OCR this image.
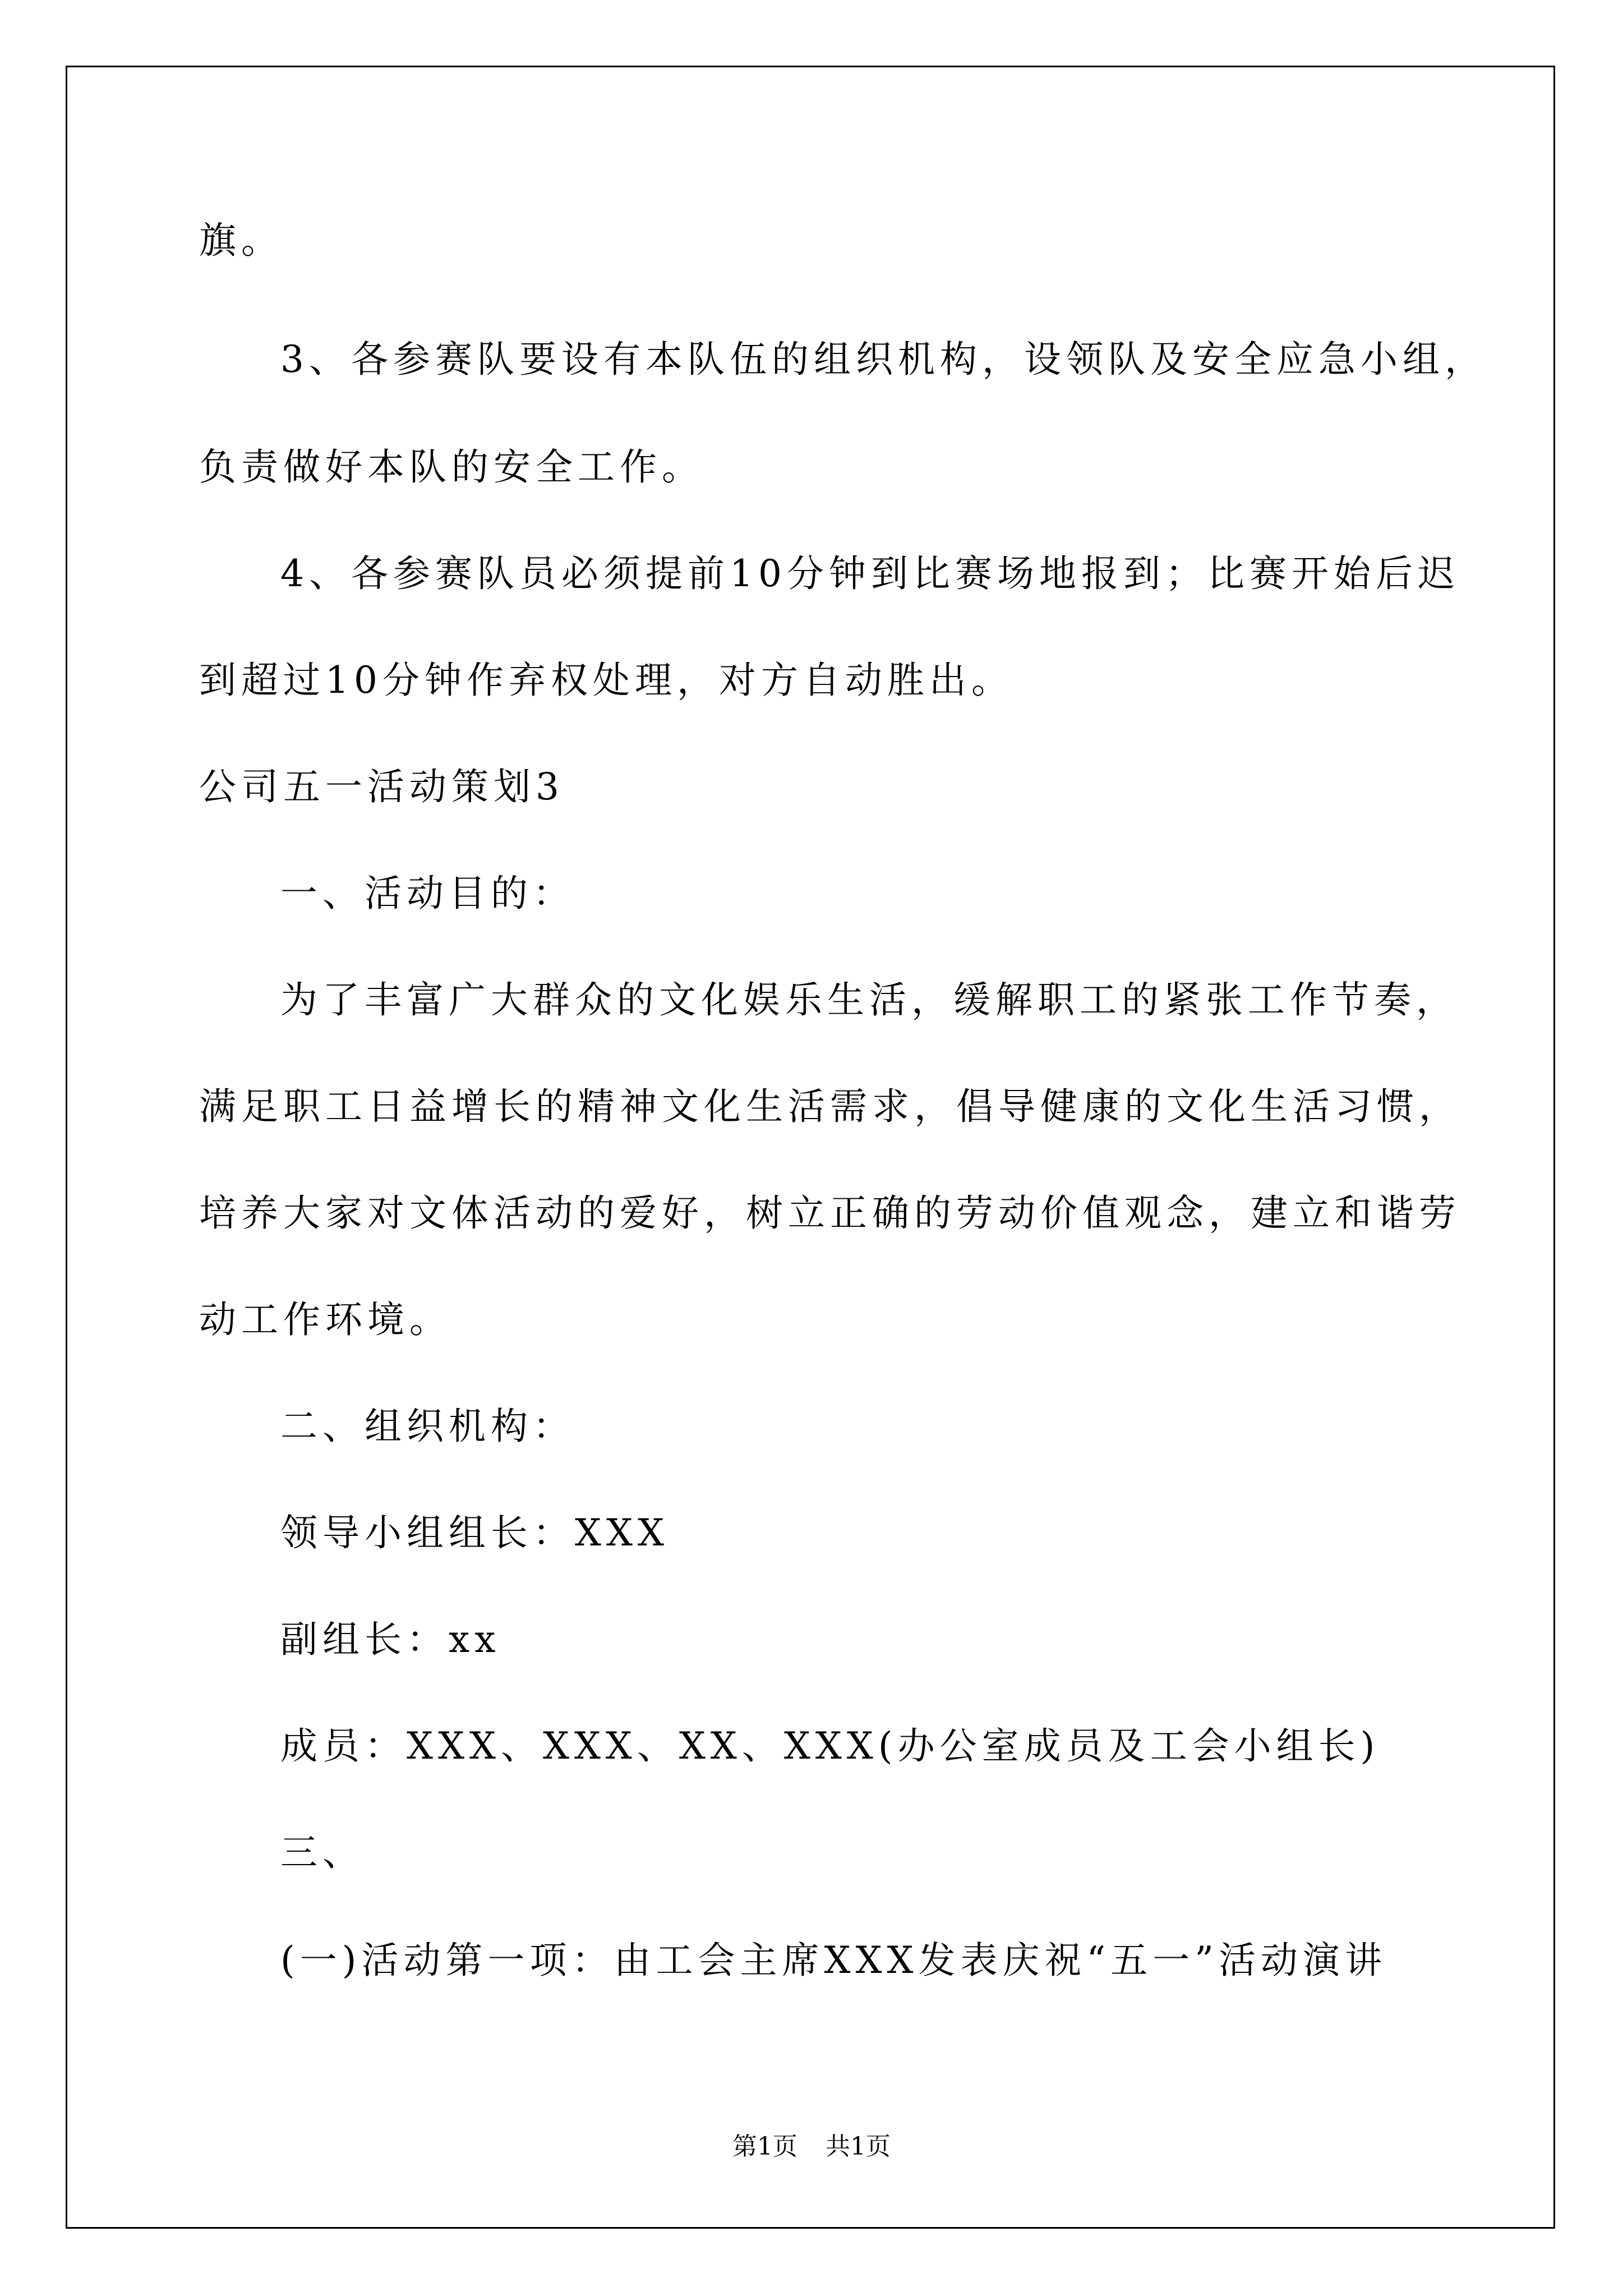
旗。
3、各参赛队要设有本队伍的组织机构，设领队及安全应急小组，
负责做好本队的安全工作。
4、各参赛队员必须提前10分钟到比赛场地报到；比赛开始后迟
到超过10分钟作弃权处理，对方自动胜出。
公司五一活动策划3
一、活动目的：
为了丰富广大群众的文化娱乐生活，缓解职工的紧张工作节奏，
满足职工日益增长的精神文化生活需求，倡导健康的文化生活习惯，
培养大家对文体活动的爱好，树立正确的劳动价值观念，建立和谐劳
动工作环境。
二、组织机构：
领导小组组长：XXX
副组长：xx
成员：XXX、XXX、XX、XXX(办公室成员及工会小组长)
三、
(一)活动第一项：由工会主席XXX发表庆祝“五一”活动演讲
第1页 共1页
